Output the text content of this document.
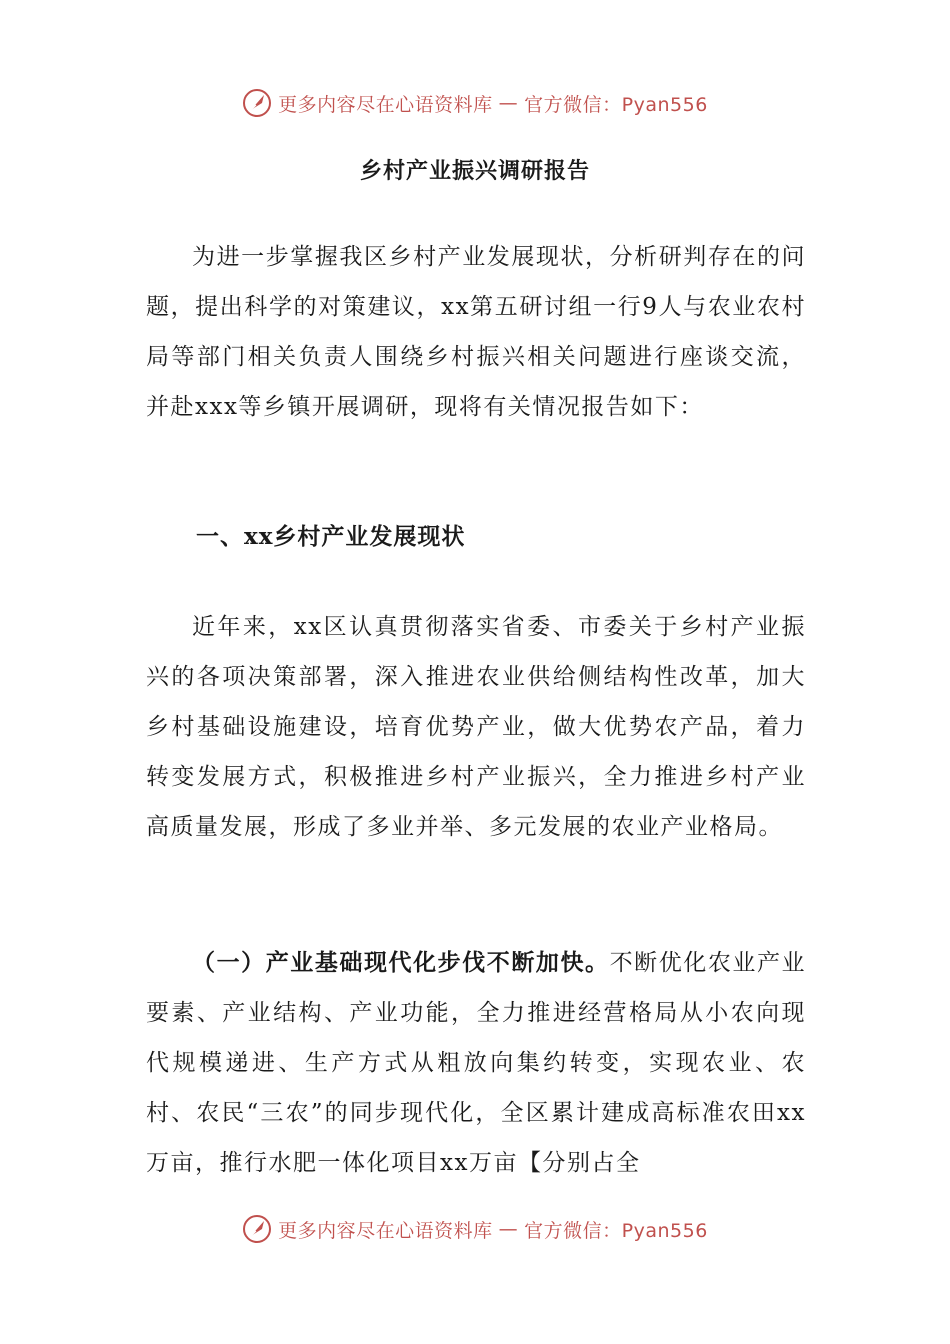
更多内容尽在心语资料库 — 官方微信：Pyan556
乡村产业振兴调研报告

为进一步掌握我区乡村产业发展现状，分析研判存在的问题，提出科学的对策建议，xx第五研讨组一行9人与农业农村局等部门相关负责人围绕乡村振兴相关问题进行座谈交流，并赴xxx等乡镇开展调研，现将有关情况报告如下：

一、xx乡村产业发展现状

近年来，xx区认真贯彻落实省委、市委关于乡村产业振兴的各项决策部署，深入推进农业供给侧结构性改革，加大乡村基础设施建设，培育优势产业，做大优势农产品，着力转变发展方式，积极推进乡村产业振兴，全力推进乡村产业高质量发展，形成了多业并举、多元发展的农业产业格局。

（一）产业基础现代化步伐不断加快。不断优化农业产业要素、产业结构、产业功能，全力推进经营格局从小农向现代规模递进、生产方式从粗放向集约转变，实现农业、农村、农民“三农”的同步现代化，全区累计建成高标准农田xx万亩，推行水肥一体化项目xx万亩【分别占全

更多内容尽在心语资料库 — 官方微信：Pyan556
